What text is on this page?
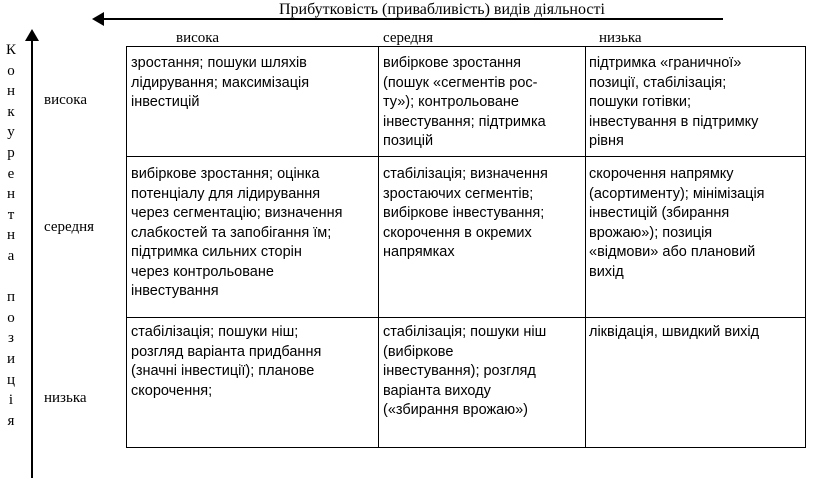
Прибутковість (привабливість) видів діяльності
К
о
н
к
у
р
е
н
т
н
а
п
о
з
и
ц
і
я
висока	середня	низька
висока
середня
низька
зростання; пошуки шляхів
лідирування; максимізація
інвестицій
вибіркове зростання
(пошук «сегментів рос-
ту»); контрольоване
інвестування; підтримка
позицій
підтримка «граничної»
позиції, стабілізація;
пошуки готівки;
інвестування в підтримку
рівня
вибіркове зростання; оцінка
потенціалу для лідирування
через сегментацію; визначення
слабкостей та запобігання їм;
підтримка сильних сторін
через контрольоване
інвестування
стабілізація; визначення
зростаючих сегментів;
вибіркове інвестування;
скорочення в окремих
напрямках
скорочення напрямку
(асортименту); мінімізація
інвестицій (збирання
врожаю»); позиція
«відмови» або плановий
вихід
стабілізація; пошуки ніш;
розгляд варіанта придбання
(значні інвестиції); планове
скорочення;
стабілізація; пошуки ніш
(вибіркове
інвестування); розгляд
варіанта виходу
(«збирання врожаю»)
ліквідація, швидкий вихід
